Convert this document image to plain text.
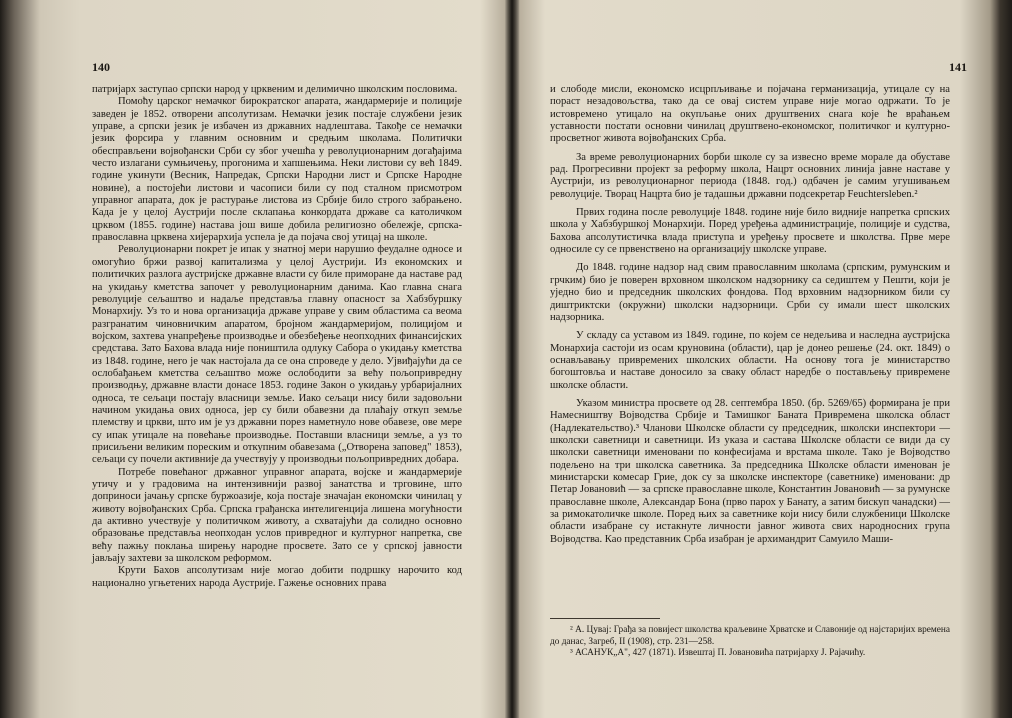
140

патријарх заступао српски народ у црквеним и делимично школским пословима.

Помоћу царског немачког бирократског апарата, жандармерије и полиције заведен је 1852. отворени апсолутизам. Немачки језик постаје службени језик управе, а српски језик је избачен из државних надлештава. Такође се немачки језик форсира у главним основним и средњим школама. Политички обесправљени војвођански Срби су због учешћа у револуционарним догађајима често излагани сумњичењу, прогонима и хапшењима. Неки листови су већ 1849. године укинути (Весник, Напредак, Српски Народни лист и Српске Народне новине), а постојећи листови и часописи били су под сталном присмотром управног апарата, док је растурање листова из Србије било строго забрањено. Када је у целој Аустрији после склапања конкордата државе са католичком црквом (1855. године) настава још више добила религиозно обележје, српска-православна црквена хијерархија успела је да појача свој утицај на школе.

Револуционарни покрет је ипак у знатној мери нарушио феудалне односе и омогућио бржи развој капитализма у целој Аустрији. Из економских и политичких разлога аустријске државне власти су биле приморане да наставе рад на укидању кметства започет у револуционарним данима. Као главна снага револуције сељаштво и надаље представља главну опасност за Хабзбуршку Монархију. Уз то и нова организација државе управе у свим областима са веома разгранатим чиновничким апаратом, бројном жандармеријом, полицијом и војском, захтева унапређење производње и обезбеђење неопходних финансијских средстава. Зато Бахова влада није поништила одлуку Сабора о укидању кметства из 1848. године, него је чак настојала да се она спроведе у дело. Ујвиђајући да се ослобађањем кметства сељаштво може ослободити за већу пољопривредну производњу, државне власти донасе 1853. године Закон о укидању урбаријалних односа, те сељаци постају власници земље. Иако сељаци нису били задовољни начином укидања ових односа, јер су били обавезни да плаћају откуп земље племству и цркви, што им је уз државни порез наметнуло нове обавезе, ове мере су ипак утицале на повећање производње. Поставши власници земље, а уз то присиљени великим пореским и откупним обавезама („Отворена заповед" 1853), сељаци су почели активније да учествују у производњи пољопривредних добара.

Потребе повећаног државног управног апарата, војске и жандармерије утичу и у градовима на интензивнији развој занатства и трговине, што доприноси јачању српске буржоазије, која постаје значајан економски чинилац у животу војвођанских Срба. Српска грађанска интелигенција лишена могућности да активно учествује у политичком животу, а схватајући да солидно основно образовање представља неопходан услов привредног и културног напретка, све већу пажњу поклања ширењу народне просвете. Зато се у српској јавности јављају захтеви за школском реформом.

Крути Бахов апсолутизам није могао добити подршку нарочито код национално угњетених народа Аустрије. Гажење основних права

141

и слободе мисли, економско исцрпљивање и појачана германизација, утицале су на пораст незадовољства, тако да се овај систем управе није могао одржати. То је истовремено утицало на окупљање оних друштвених снага које ће враћањем уставности постати основни чинилац друштвено-економског, политичког и културно-просветног живота војвођанских Срба.

За време револуционарних борби школе су за извесно време морале да обуставе рад. Прогресивни пројект за реформу школа, Нацрт основних линија јавне наставе у Аустрији, из револуционарног периода (1848. год.) одбачен је самим угушивањем револуције. Творац Нацрта био је тадашњи државни подсекретар Feuchtersleben.²

Првих година после револуције 1848. године није било видније напретка српских школа у Хабзбуршкој Монархији. Поред уређења администрације, полиције и судства, Бахова апсолутистичка влада приступа и уређењу просвете и школства. Прве мере односиле су се првенствено на организацију школске управе.

До 1848. године надзор над свим православним школама (српским, румунским и грчким) био је поверен врховном школском надзорнику са седиштем у Пешти, који је уједно био и председник школских фондова. Под врховним надзорником били су диштриктски (окружни) школски надзорници. Срби су имали шест школских надзорника.

У складу са уставом из 1849. године, по којем се недељива и наследна аустријска Монархија састоји из осам круновина (области), цар је донео решење (24. окт. 1849) о оснављавању привремених школских области. На основу тога је министарство богоштовља и наставе доносило за сваку област наредбе о постављењу привремене школске области.

Указом министра просвете од 28. септембра 1850. (бр. 5269/65) формирана је при Намесништву Војводства Србије и Тамишког Баната Привремена школска област (Надлекательство).³ Чланови Школске области су председник, школски инспектори — школски саветници и саветници. Из указа и састава Школске области се види да су школски саветници именовани по конфесијама и врстама школе. Тако је Војводство подељено на три школска саветника. За председника Школске области именован је министарски комесар Гриe, док су за школске инспекторе (саветнике) именовани: др Петар Јовановић — за српске православне школе, Константин Јовановић — за румунске православне школе, Александар Бона (прво парох у Банату, а затим бискуп чанадски) — за римокатоличке школе. Поред њих за саветнике који нису били службеници Школске области изабране су истакнуте личности јавног живота свих народносних група Војводства. Као представник Срба изабран је архимандрит Самуило Маши-

² А. Цуваj: Грађа за повијест школства краљевине Хрватске и Славоније од најстаријих времена до данас, Загреб, II (1908), стр. 231—258.

³ АСАНУК„А", 427 (1871). Извештај П. Јовановића патријарху Ј. Рајачићу.
